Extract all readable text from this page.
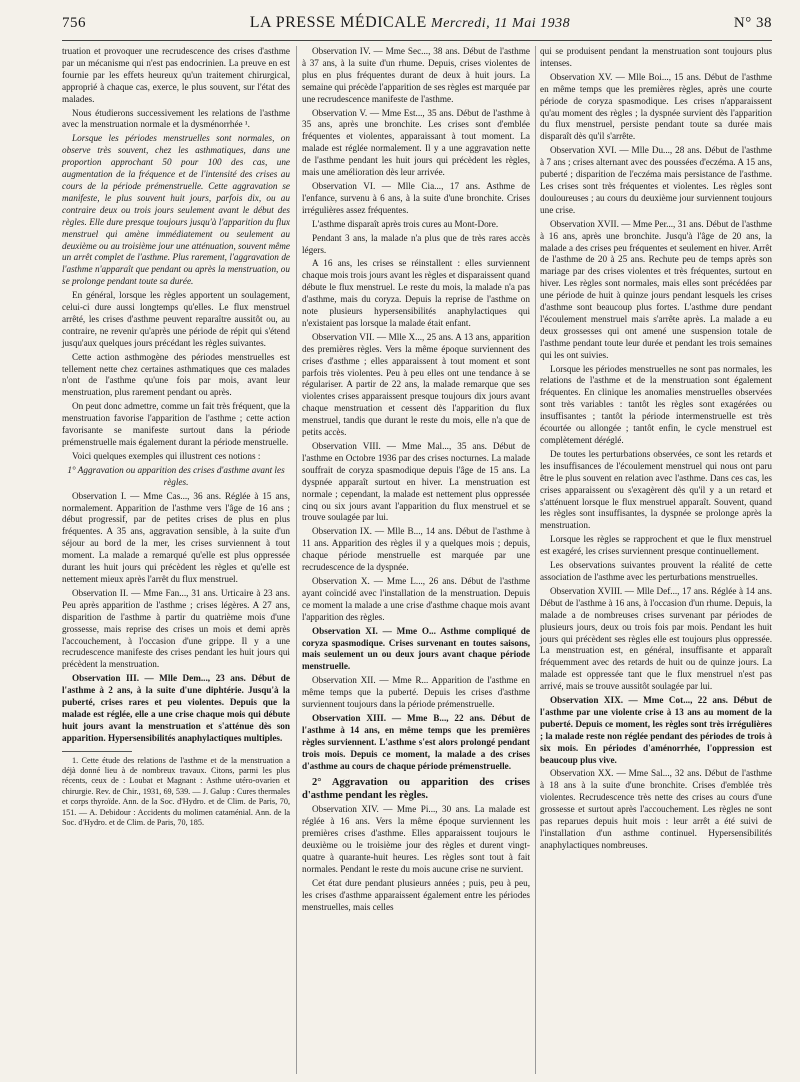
756	LA PRESSE MÉDICALE Mercredi, 11 Mai 1938	N° 38

truation et provoquer une recrudescence des crises d'asthme par un mécanisme qui n'est pas endocrinien. La preuve en est fournie par les effets heureux qu'un traitement chirurgical, approprié à chaque cas, exerce, le plus souvent, sur l'état des malades.

Nous étudierons successivement les relations de l'asthme avec la menstruation normale et la dysménorrhée ¹.

Lorsque les périodes menstruelles sont normales, on observe très souvent, chez les asthmatiques, dans une proportion approchant 50 pour 100 des cas, une augmentation de la fréquence et de l'intensité des crises au cours de la période prémenstruelle. Cette aggravation se manifeste, le plus souvent huit jours, parfois dix, ou au contraire deux ou trois jours seulement avant le début des règles. Elle dure presque toujours jusqu'à l'apparition du flux menstruel qui amène immédiatement ou seulement au deuxième ou au troisième jour une atténuation, souvent même un arrêt complet de l'asthme. Plus rarement, l'aggravation de l'asthme n'apparaît que pendant ou après la menstruation, ou se prolonge pendant toute sa durée.

En général, lorsque les règles apportent un soulagement, celui-ci dure aussi longtemps qu'elles. Le flux menstruel arrêté, les crises d'asthme peuvent reparaître aussitôt ou, au contraire, ne revenir qu'après une période de répit qui s'étend jusqu'aux quelques jours précédant les règles suivantes.

Cette action asthmogène des périodes menstruelles est tellement nette chez certaines asthmatiques que ces malades n'ont de l'asthme qu'une fois par mois, avant leur menstruation, plus rarement pendant ou après.

On peut donc admettre, comme un fait très fréquent, que la menstruation favorise l'apparition de l'asthme ; cette action favorisante se manifeste surtout dans la période prémenstruelle mais également durant la période menstruelle.

Voici quelques exemples qui illustrent ces notions :

1° Aggravation ou apparition des crises d'asthme avant les règles.

Observation I. — Mme Cas..., 36 ans. Réglée à 15 ans, normalement. Apparition de l'asthme vers l'âge de 16 ans ; début progressif, par de petites crises de plus en plus fréquentes. A 35 ans, aggravation sensible, à la suite d'un séjour au bord de la mer, les crises surviennent à tout moment. La malade a remarqué qu'elle est plus oppressée durant les huit jours qui précèdent les règles et qu'elle est nettement mieux après l'arrêt du flux menstruel.

Observation II. — Mme Fan..., 31 ans. Urticaire à 23 ans. Peu après apparition de l'asthme ; crises légères. A 27 ans, disparition de l'asthme à partir du quatrième mois d'une grossesse, mais reprise des crises un mois et demi après l'accouchement, à l'occasion d'une grippe. Il y a une recrudescence manifeste des crises pendant les huit jours qui précèdent la menstruation.

Observation III. — Mlle Dem..., 23 ans. Début de l'asthme à 2 ans, à la suite d'une diphtérie. Jusqu'à la puberté, crises rares et peu violentes. Depuis que la malade est réglée, elle a une crise chaque mois qui débute huit jours avant la menstruation et s'atténue dès son apparition. Hypersensibilités anaphylactiques multiples.

1. Cette étude des relations de l'asthme et de la menstruation a déjà donné lieu à de nombreux travaux. Citons, parmi les plus récents, ceux de : Loubat et Magnant : Asthme utéro-ovarien et chirurgie. Rev. de Chir., 1931, 69, 539. — J. Galup : Cures thermales et corps thyroïde. Ann. de la Soc. d'Hydro. et de Clim. de Paris, 70, 151. — A. Debidour : Accidents du molimen cataménial. Ann. de la Soc. d'Hydro. et de Clim. de Paris, 70, 185.

Observation IV. — Mme Sec..., 38 ans. Début de l'asthme à 37 ans, à la suite d'un rhume. Depuis, crises violentes de plus en plus fréquentes durant de deux à huit jours. La semaine qui précède l'apparition de ses règles est marquée par une recrudescence manifeste de l'asthme.

Observation V. — Mme Est..., 35 ans. Début de l'asthme à 35 ans, après une bronchite. Les crises sont d'emblée fréquentes et violentes, apparaissant à tout moment. La malade est réglée normalement. Il y a une aggravation nette de l'asthme pendant les huit jours qui précèdent les règles, mais une amélioration dès leur arrivée.

Observation VI. — Mlle Cia..., 17 ans. Asthme de l'enfance, survenu à 6 ans, à la suite d'une bronchite. Crises irrégulières assez fréquentes.

L'asthme disparaît après trois cures au Mont-Dore.

Pendant 3 ans, la malade n'a plus que de très rares accès légers.

A 16 ans, les crises se réinstallent : elles surviennent chaque mois trois jours avant les règles et disparaissent quand débute le flux menstruel. Le reste du mois, la malade n'a pas d'asthme, mais du coryza. Depuis la reprise de l'asthme on note plusieurs hypersensibilités anaphylactiques qui n'existaient pas lorsque la malade était enfant.

Observation VII. — Mlle X..., 25 ans. A 13 ans, apparition des premières règles. Vers la même époque surviennent des crises d'asthme ; elles apparaissent à tout moment et sont parfois très violentes. Peu à peu elles ont une tendance à se régulariser. A partir de 22 ans, la malade remarque que ses violentes crises apparaissent presque toujours dix jours avant chaque menstruation et cessent dès l'apparition du flux menstruel, tandis que durant le reste du mois, elle n'a que de petits accès.

Observation VIII. — Mme Mal..., 35 ans. Début de l'asthme en Octobre 1936 par des crises nocturnes. La malade souffrait de coryza spasmodique depuis l'âge de 15 ans. La dyspnée apparaît surtout en hiver. La menstruation est normale ; cependant, la malade est nettement plus oppressée cinq ou six jours avant l'apparition du flux menstruel et se trouve soulagée par lui.

Observation IX. — Mlle B..., 14 ans. Début de l'asthme à 11 ans. Apparition des règles il y a quelques mois ; depuis, chaque période menstruelle est marquée par une recrudescence de la dyspnée.

Observation X. — Mme L..., 26 ans. Début de l'asthme ayant coïncidé avec l'installation de la menstruation. Depuis ce moment la malade a une crise d'asthme chaque mois avant l'apparition des règles.

Observation XI. — Mme O... Asthme compliqué de coryza spasmodique. Crises survenant en toutes saisons, mais seulement un ou deux jours avant chaque période menstruelle.

Observation XII. — Mme R... Apparition de l'asthme en même temps que la puberté. Depuis les crises d'asthme surviennent toujours dans la période prémenstruelle.

Observation XIII. — Mme B..., 22 ans. Début de l'asthme à 14 ans, en même temps que les premières règles surviennent. L'asthme s'est alors prolongé pendant trois mois. Depuis ce moment, la malade a des crises d'asthme au cours de chaque période prémenstruelle.

2° Aggravation ou apparition des crises d'asthme pendant les règles.

Observation XIV. — Mme Pi..., 30 ans. La malade est réglée à 16 ans. Vers la même époque surviennent les premières crises d'asthme. Elles apparaissent toujours le deuxième ou le troisième jour des règles et durent vingt-quatre à quarante-huit heures. Les règles sont tout à fait normales. Pendant le reste du mois aucune crise ne survient.

Cet état dure pendant plusieurs années ; puis, peu à peu, les crises d'asthme apparaissent également entre les périodes menstruelles, mais celles

qui se produisent pendant la menstruation sont toujours plus intenses.

Observation XV. — Mlle Boi..., 15 ans. Début de l'asthme en même temps que les premières règles, après une courte période de coryza spasmodique. Les crises n'apparaissent qu'au moment des règles ; la dyspnée survient dès l'apparition du flux menstruel, persiste pendant toute sa durée mais disparaît dès qu'il s'arrête.

Observation XVI. — Mlle Du..., 28 ans. Début de l'asthme à 7 ans ; crises alternant avec des poussées d'eczéma. A 15 ans, puberté ; disparition de l'eczéma mais persistance de l'asthme. Les crises sont très fréquentes et violentes. Les règles sont douloureuses ; au cours du deuxième jour surviennent toujours une crise.

Observation XVII. — Mme Per..., 31 ans. Début de l'asthme à 16 ans, après une bronchite. Jusqu'à l'âge de 20 ans, la malade a des crises peu fréquentes et seulement en hiver. Arrêt de l'asthme de 20 à 25 ans. Rechute peu de temps après son mariage par des crises violentes et très fréquentes, surtout en hiver. Les règles sont normales, mais elles sont précédées par une période de huit à quinze jours pendant lesquels les crises d'asthme sont beaucoup plus fortes. L'asthme dure pendant l'écoulement menstruel mais s'arrête après. La malade a eu deux grossesses qui ont amené une suspension totale de l'asthme pendant toute leur durée et pendant les trois semaines qui les ont suivies.

Lorsque les périodes menstruelles ne sont pas normales, les relations de l'asthme et de la menstruation sont également fréquentes. En clinique les anomalies menstruelles observées sont très variables : tantôt les règles sont exagérées ou insuffisantes ; tantôt la période intermenstruelle est très écourtée ou allongée ; tantôt enfin, le cycle menstruel est complètement déréglé.

De toutes les perturbations observées, ce sont les retards et les insuffisances de l'écoulement menstruel qui nous ont paru être le plus souvent en relation avec l'asthme. Dans ces cas, les crises apparaissent ou s'exagèrent dès qu'il y a un retard et s'atténuent lorsque le flux menstruel apparaît. Souvent, quand les règles sont insuffisantes, la dyspnée se prolonge après la menstruation.

Lorsque les règles se rapprochent et que le flux menstruel est exagéré, les crises surviennent presque continuellement.

Les observations suivantes prouvent la réalité de cette association de l'asthme avec les perturbations menstruelles.

Observation XVIII. — Mlle Def..., 17 ans. Réglée à 14 ans. Début de l'asthme à 16 ans, à l'occasion d'un rhume. Depuis, la malade a de nombreuses crises survenant par périodes de plusieurs jours, deux ou trois fois par mois. Pendant les huit jours qui précèdent ses règles elle est toujours plus oppressée. La menstruation est, en général, insuffisante et apparaît fréquemment avec des retards de huit ou de quinze jours. La malade est oppressée tant que le flux menstruel n'est pas arrivé, mais se trouve aussitôt soulagée par lui.

Observation XIX. — Mme Cot..., 22 ans. Début de l'asthme par une violente crise à 13 ans au moment de la puberté. Depuis ce moment, les règles sont très irrégulières ; la malade reste non réglée pendant des périodes de trois à six mois. En périodes d'aménorrhée, l'oppression est beaucoup plus vive.

Observation XX. — Mme Sal..., 32 ans. Début de l'asthme à 18 ans à la suite d'une bronchite. Crises d'emblée très violentes. Recrudescence très nette des crises au cours d'une grossesse et surtout après l'accouchement. Les règles ne sont pas reparues depuis huit mois : leur arrêt a été suivi de l'installation d'un asthme continuel. Hypersensibilités anaphylactiques nombreuses.
